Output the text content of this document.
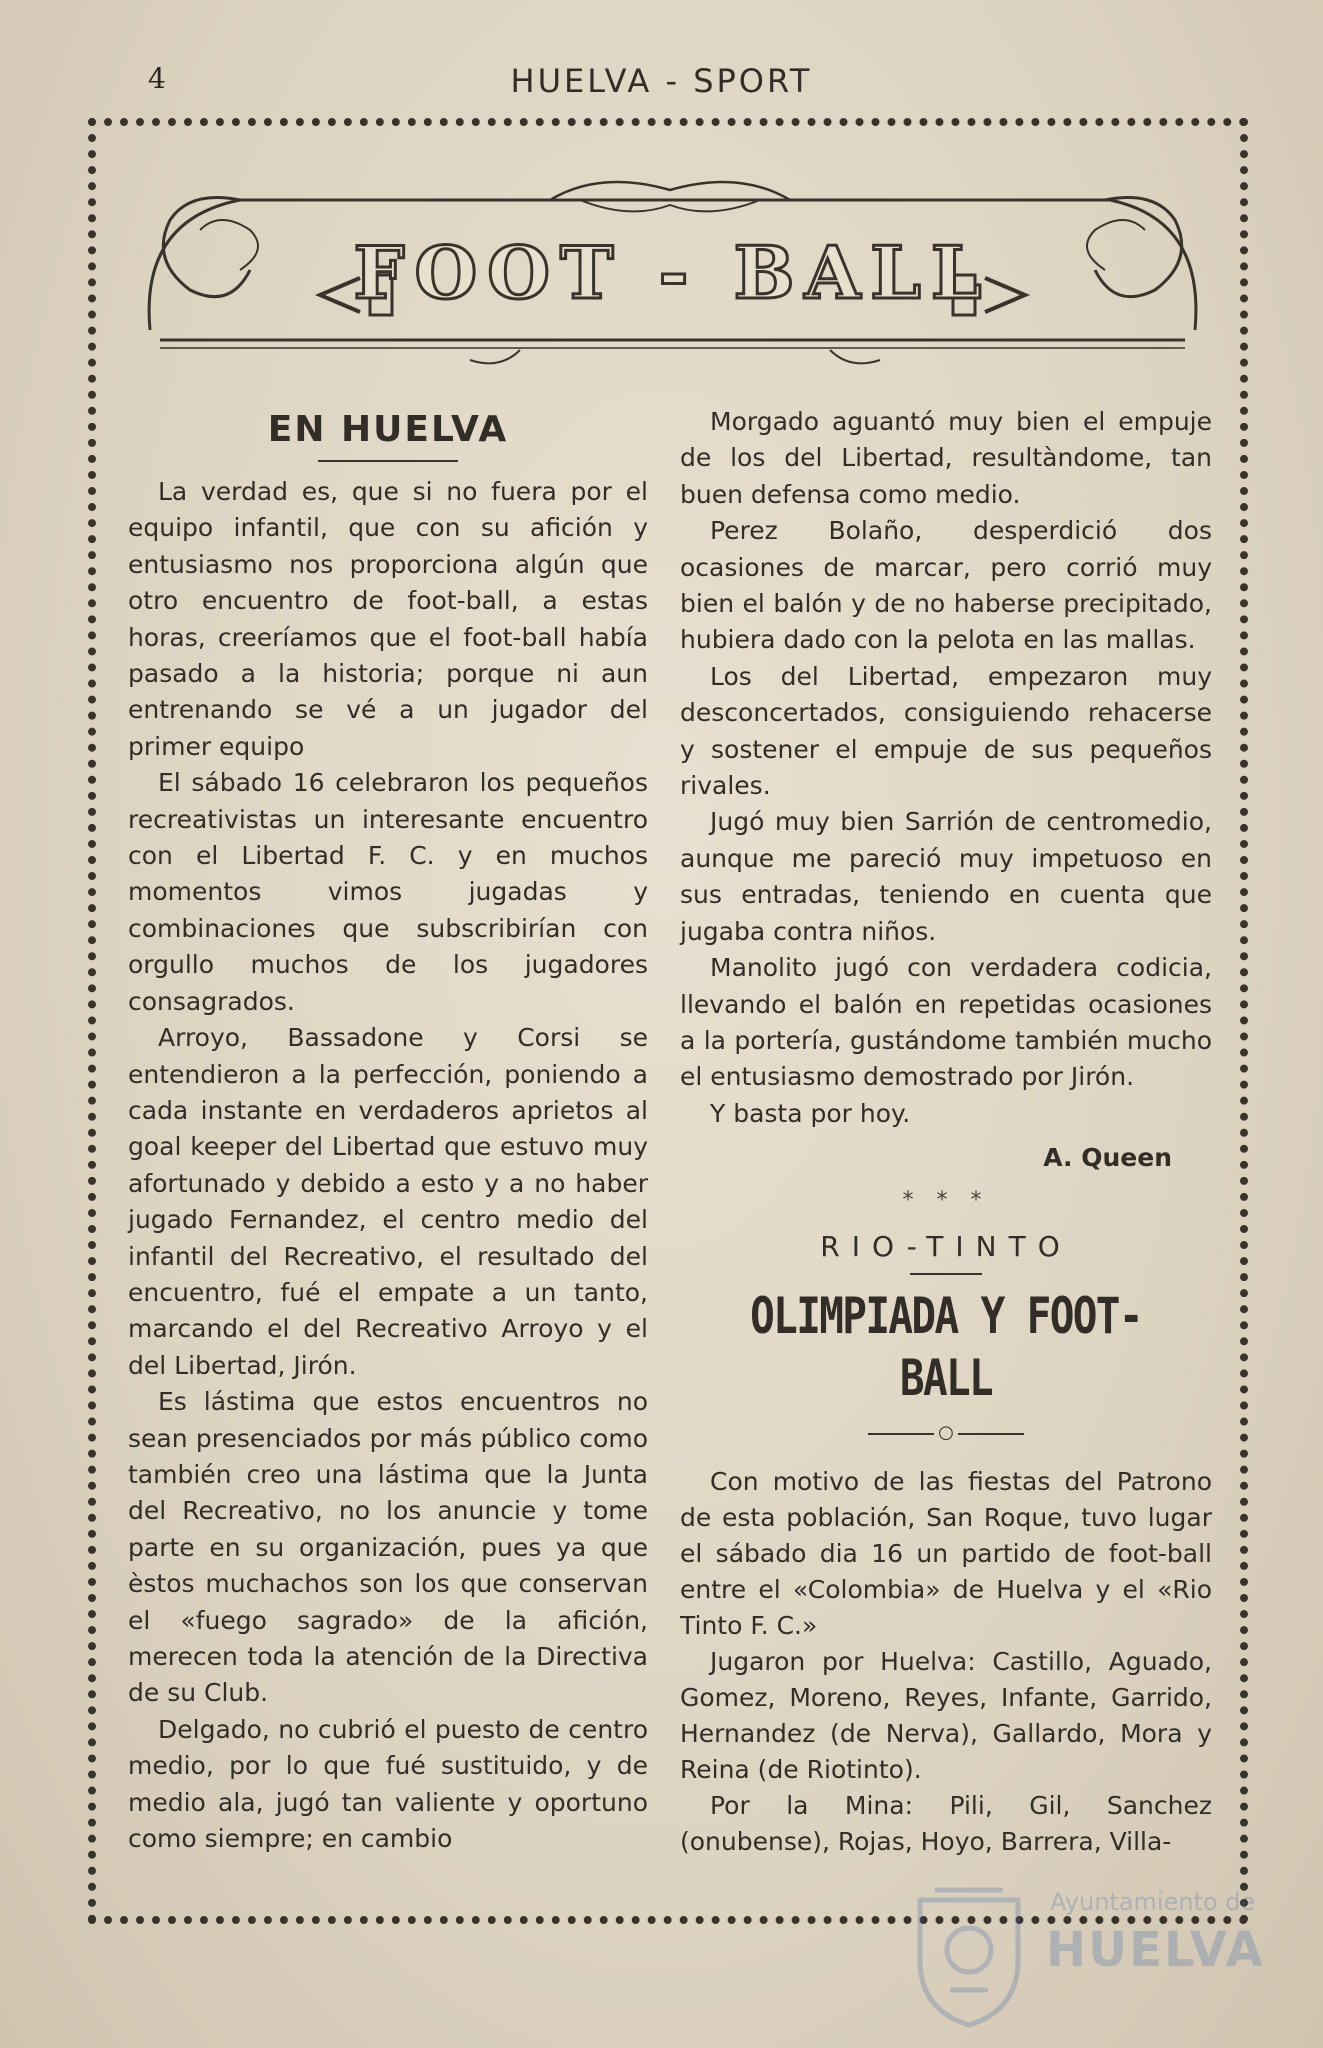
4	HUELVA - SPORT
FOOT - BALL
EN HUELVA

La verdad es, que si no fuera por el equipo infantil, que con su afición y entusiasmo nos proporciona algún que otro encuentro de foot-ball, a estas horas, creeríamos que el foot-ball había pasado a la historia; porque ni aun entrenando se vé a un jugador del primer equipo

El sábado 16 celebraron los pequeños recreativistas un interesante encuentro con el Libertad F. C. y en muchos momentos vimos jugadas y combinaciones que subscribirían con orgullo muchos de los jugadores consagrados.

Arroyo, Bassadone y Corsi se entendieron a la perfección, poniendo a cada instante en verdaderos aprietos al goal keeper del Libertad que estuvo muy afortunado y debido a esto y a no haber jugado Fernandez, el centro medio del infantil del Recreativo, el resultado del encuentro, fué el empate a un tanto, marcando el del Recreativo Arroyo y el del Libertad, Jirón.

Es lástima que estos encuentros no sean presenciados por más público como también creo una lástima que la Junta del Recreativo, no los anuncie y tome parte en su organización, pues ya que èstos muchachos son los que conservan el «fuego sagrado» de la afición, merecen toda la atención de la Directiva de su Club.

Delgado, no cubrió el puesto de centro medio, por lo que fué sustituido, y de medio ala, jugó tan valiente y oportuno como siempre; en cambio

Morgado aguantó muy bien el empuje de los del Libertad, resultàndome, tan buen defensa como medio.

Perez Bolaño, desperdició dos ocasiones de marcar, pero corrió muy bien el balón y de no haberse precipitado, hubiera dado con la pelota en las mallas.

Los del Libertad, empezaron muy desconcertados, consiguiendo rehacerse y sostener el empuje de sus pequeños rivales.

Jugó muy bien Sarrión de centromedio, aunque me pareció muy impetuoso en sus entradas, teniendo en cuenta que jugaba contra niños.

Manolito jugó con verdadera codicia, llevando el balón en repetidas ocasiones a la portería, gustándome también mucho el entusiasmo demostrado por Jirón.

Y basta por hoy.

A. Queen
* * *
RIO-TINTO
OLIMPIADA Y FOOT-BALL
○

Con motivo de las fiestas del Patrono de esta población, San Roque, tuvo lugar el sábado dia 16 un partido de foot-ball entre el «Colombia» de Huelva y el «Rio Tinto F. C.»

Jugaron por Huelva: Castillo, Aguado, Gomez, Moreno, Reyes, Infante, Garrido, Hernandez (de Nerva), Gallardo, Mora y Reina (de Riotinto).

Por la Mina: Pili, Gil, Sanchez (onubense), Rojas, Hoyo, Barrera, Villa-

Ayuntamiento de
HUELVA
